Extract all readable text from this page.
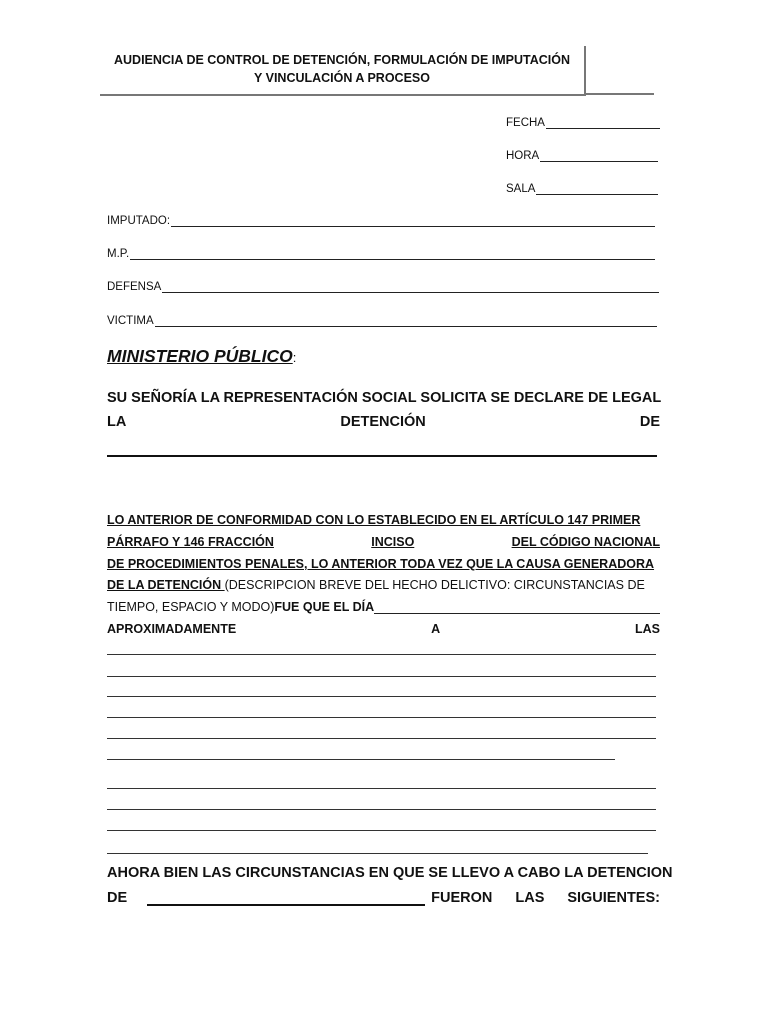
AUDIENCIA DE CONTROL DE DETENCIÓN, FORMULACIÓN DE IMPUTACIÓN
Y VINCULACIÓN A PROCESO
FECHA
HORA
SALA
IMPUTADO:
M.P.
DEFENSA
VICTIMA
MINISTERIO PÚBLICO:
SU SEÑORÍA LA REPRESENTACIÓN SOCIAL SOLICITA SE DECLARE DE LEGAL
LA	DETENCIÓN	DE
LO ANTERIOR DE CONFORMIDAD CON LO ESTABLECIDO EN EL ARTÍCULO 147 PRIMER
PÁRRAFO Y 146 FRACCIÓN	INCISO	DEL CÓDIGO NACIONAL
DE PROCEDIMIENTOS PENALES, LO ANTERIOR TODA VEZ QUE LA CAUSA GENERADORA
DE LA DETENCIÓN (DESCRIPCION BREVE DEL HECHO DELICTIVO: CIRCUNSTANCIAS DE
TIEMPO, ESPACIO Y MODO) FUE QUE EL DÍA
APROXIMADAMENTE	A	LAS
AHORA BIEN LAS CIRCUNSTANCIAS EN QUE SE LLEVO A CABO LA DETENCION
DE	FUERON LAS SIGUIENTES:
